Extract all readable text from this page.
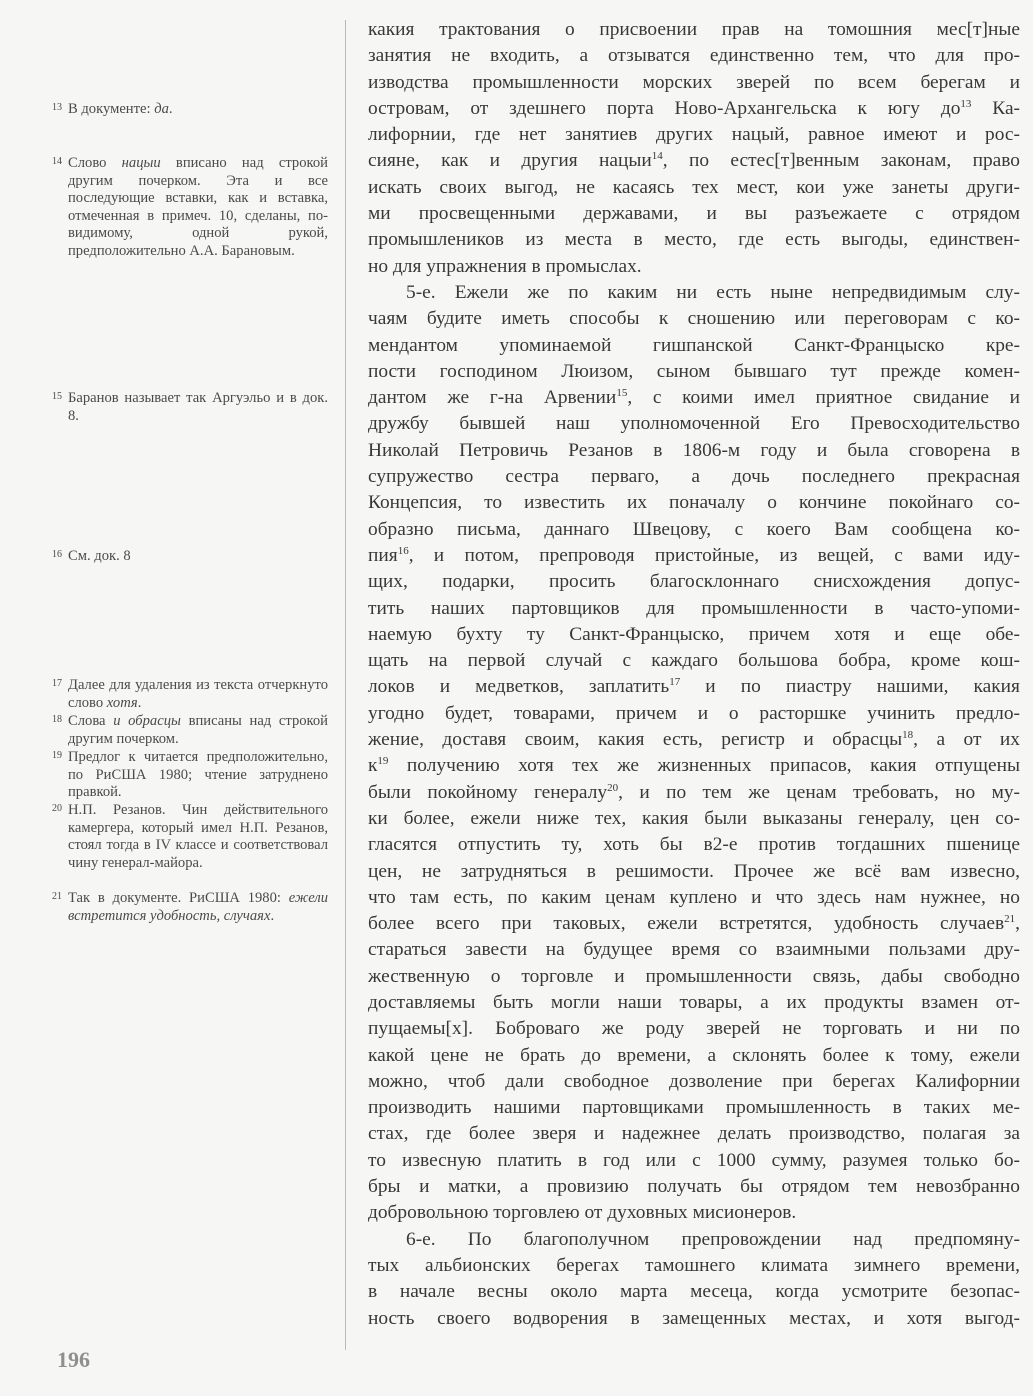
13 В документе: да.
14 Слово нацыи вписано над строкой другим почерком. Эта и все последующие вставки, как и вставка, отмеченная в примеч. 10, сделаны, по-видимому, одной рукой, предположительно А.А. Барановым.
15 Баранов называет так Аргуэльо и в док. 8.
16 См. док. 8
17 Далее для удаления из текста отчеркнуто слово хотя.
18 Слова и обрасцы вписаны над строкой другим почерком.
19 Предлог к читается предположительно, по РиСША 1980; чтение затруднено правкой.
20 Н.П. Резанов. Чин действительного камергера, который имел Н.П. Резанов, стоял тогда в IV классе и соответствовал чину генерал-майора.
21 Так в документе. РиСША 1980: ежели встретится удобность, случаях.
какия трактования о присвоении прав на томошния мес[т]ные
занятия не входить, а отзыватся единственно тем, что для про-
изводства промышленности морских зверей по всем берегам и
островам, от здешнего порта Ново-Архангельска к югу $до^{13}$ Ка-
лифорнии, где нет занятиев других нацый, равное имеют и рос-
сияне, как и другия нацыи$^{14}$, по естес[т]венным законам, право
искать своих выгод, не касаясь тех мест, кои уже занеты други-
ми просвещенными державами, и вы разъежаете с отрядом
промышлеников из места в место, где есть выгоды, единствен-
но для упражнения в промыслах.
5-е. Ежели же по каким ни есть ныне непредвидимым слу-
чаям будите иметь способы к сношению или переговорам с ко-
мендантом упоминаемой гишпанской Санкт-Францыско кре-
пости господином Люизом, сыном бывшаго тут прежде комен-
дантом же г-на Арвении$^{15}$, с коими имел приятное свидание и
дружбу бывшей наш уполномоченной Его Превосходительство
Николай Петровичь Резанов в 1806-м году и была сговорена в
супружество сестра перваго, а дочь последнего прекрасная
Концепсия, то известить их поначалу о кончине покойнаго со-
образно письма, даннаго Швецову, с коего Вам сообщена ко-
пия$^{16}$, и потом, препроводя пристойные, из вещей, с вами иду-
щих, подарки, просить благосклоннаго снисхождения допус-
тить наших партовщиков для промышленности в часто-упоми-
наемую бухту ту Санкт-Францыско, причем хотя и еще обе-
щать на первой случай с каждаго большова бобра, кроме кош-
локов и медветков, заплатить$^{17}$ и по пиастру нашими, какия
угодно будет, товарами, причем и о расторшке учинить предло-
жение, доставя своим, какия есть, регистр и обрасцы$^{18}$, а от их
$к^{19}$ получению хотя тех же жизненных припасов, какия отпущены
были покойному генералу$^{20}$, и по тем же ценам требовать, но му-
ки более, ежели ниже тех, какия были выказаны генералу, цен со-
гласятся отпустить ту, хоть бы в2-е против тогдашних пшенице
цен, не затрудняться в решимости. Прочее же всё вам извесно,
что там есть, по каким ценам куплено и что здесь нам нужнее, но
более всего при таковых, ежели встретятся, удобность случаев$^{21}$,
стараться завести на будущее время со взаимными пользами дру-
жественную о торговле и промышленности связь, дабы свободно
доставляемы быть могли наши товары, а их продукты взамен от-
пущаемы[х]. Боброваго же роду зверей не торговать и ни по
какой цене не брать до времени, а склонять более к тому, ежели
можно, чтоб дали свободное дозволение при берегах Калифорнии
производить нашими партовщиками промышленность в таких ме-
стах, где более зверя и надежнее делать производство, полагая за
то извесную платить в год или с 1000 сумму, разумея только бо-
бры и матки, а провизию получать бы отрядом тем невозбранно
добровольною торговлею от духовных мисионеров.
6-е. По благополучном препровождении над предпомяну-
тых альбионских берегах тамошнего климата зимнего времени,
в начале весны около марта месеца, когда усмотрите безопас-
ность своего водворения в замещенных местах, и хотя выгод-
196
